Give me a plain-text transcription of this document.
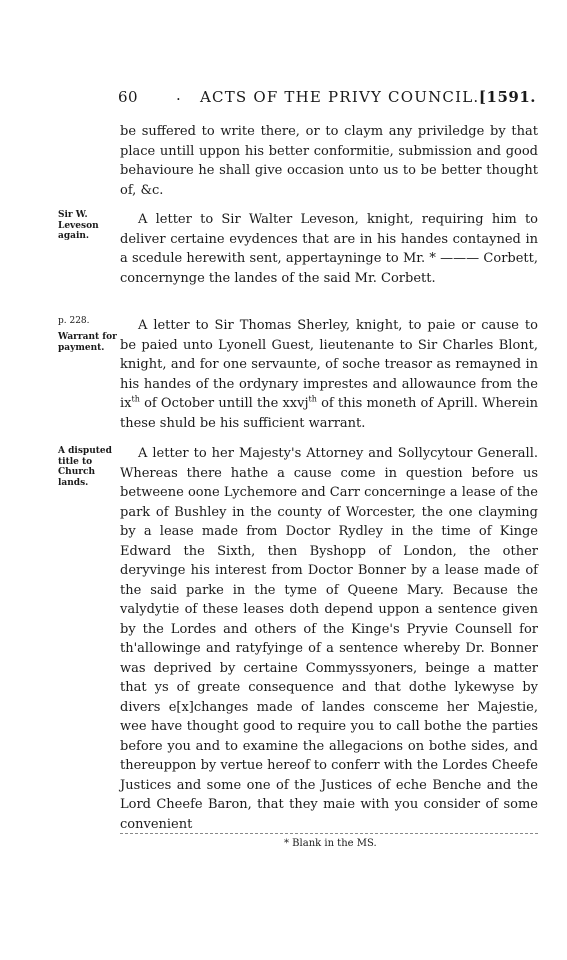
60	. ACTS OF THE PRIVY COUNCIL. [1591.
be suffered to write there, or to claym any priviledge by that place untill uppon his better conformitie, submission and good behavioure he shall give occasion unto us to be better thought of, &c.
Sir W. Leveson again.
A letter to Sir Walter Leveson, knight, requiring him to deliver certaine evydences that are in his handes contayned in a scedule herewith sent, appertayninge to Mr. * ——— Corbett, concernynge the landes of the said Mr. Corbett.
p. 228.
Warrant for payment.
A letter to Sir Thomas Sherley, knight, to paie or cause to be paied unto Lyonell Guest, lieutenante to Sir Charles Blont, knight, and for one servaunte, of soche treasor as remayned in his handes of the ordynary imprestes and allowaunce from the $ix^{th}$ of October untill the xxvj$^{th}$ of this moneth of Aprill. Wherein these shuld be his sufficient warrant.
A disputed title to Church lands.
A letter to her Majesty's Attorney and Sollycytour Generall. Whereas there hathe a cause come in question before us betweene oone Lychemore and Carr concerninge a lease of the park of Bushley in the county of Worcester, the one clayming by a lease made from Doctor Rydley in the time of Kinge Edward the Sixth, then Byshopp of London, the other deryvinge his interest from Doctor Bonner by a lease made of the said parke in the tyme of Queene Mary. Because the valydytie of these leases doth depend uppon a sentence given by the Lordes and others of the Kinge's Pryvie Counsell for th'allowinge and ratyfyinge of a sentence whereby Dr. Bonner was deprived by certaine Commyssyoners, beinge a matter that ys of greate consequence and that dothe lykewyse by divers e[x]changes made of landes consceme her Majestie, wee have thought good to require you to call bothe the parties before you and to examine the allegacions on bothe sides, and thereuppon by vertue hereof to conferr with the Lordes Cheefe Justices and some one of the Justices of eche Benche and the Lord Cheefe Baron, that they maie with you consider of some convenient
* Blank in the MS.
